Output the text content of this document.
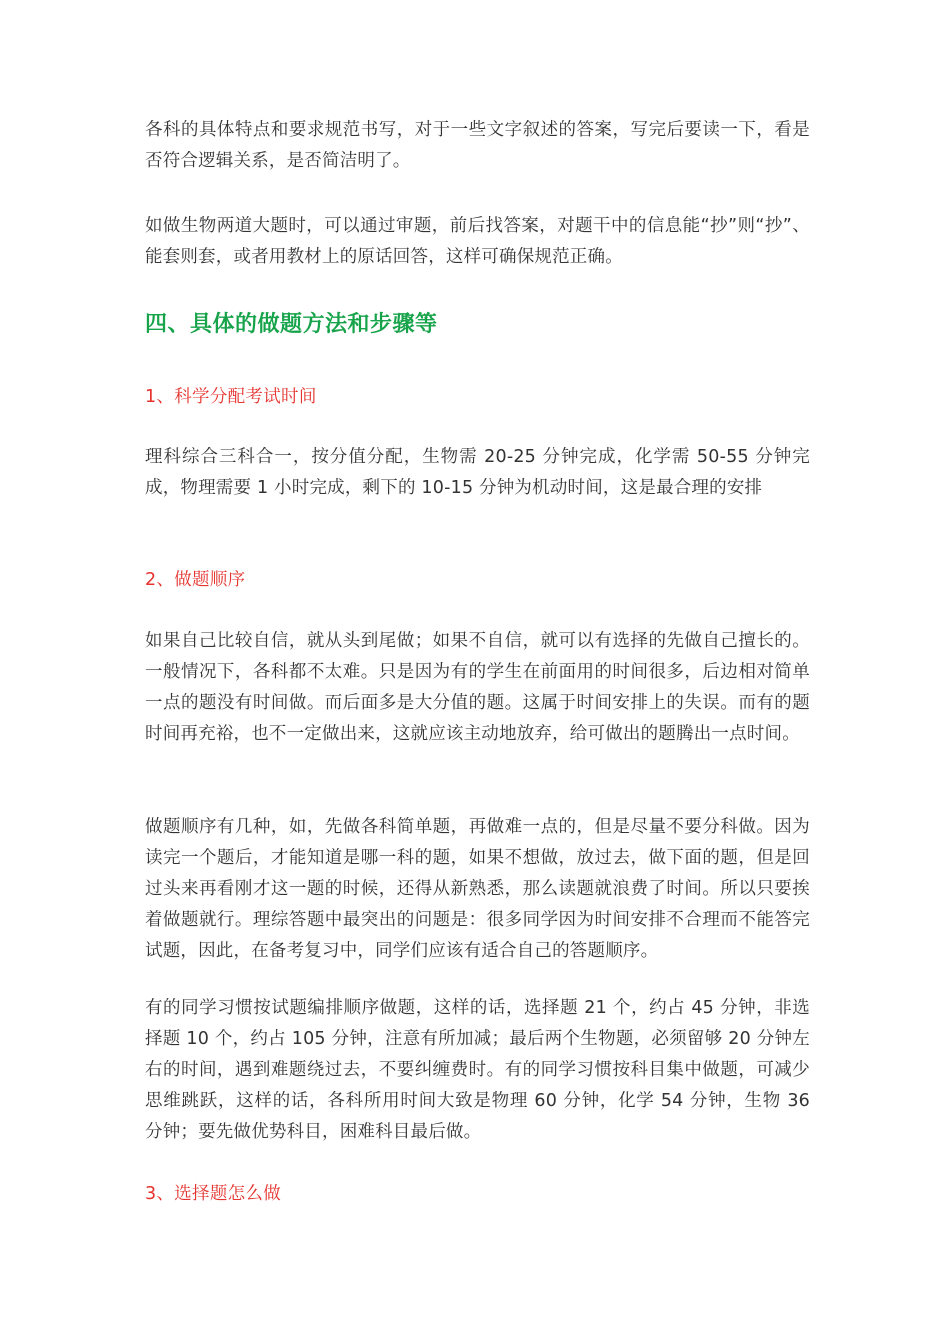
各科的具体特点和要求规范书写，对于一些文字叙述的答案，写完后要读一下，看是否符合逻辑关系，是否简洁明了。

如做生物两道大题时，可以通过审题，前后找答案，对题干中的信息能“抄”则“抄”、能套则套，或者用教材上的原话回答，这样可确保规范正确。

四、具体的做题方法和步骤等
1、科学分配考试时间

理科综合三科合一，按分值分配，生物需 20-25 分钟完成，化学需 50-55 分钟完成，物理需要 1 小时完成，剩下的 10-15 分钟为机动时间，这是最合理的安排

2、做题顺序

如果自己比较自信，就从头到尾做；如果不自信，就可以有选择的先做自己擅长的。一般情况下，各科都不太难。只是因为有的学生在前面用的时间很多，后边相对简单一点的题没有时间做。而后面多是大分值的题。这属于时间安排上的失误。而有的题时间再充裕，也不一定做出来，这就应该主动地放弃，给可做出的题腾出一点时间。

做题顺序有几种，如，先做各科简单题，再做难一点的，但是尽量不要分科做。因为读完一个题后，才能知道是哪一科的题，如果不想做，放过去，做下面的题，但是回过头来再看刚才这一题的时候，还得从新熟悉，那么读题就浪费了时间。所以只要挨着做题就行。理综答题中最突出的问题是：很多同学因为时间安排不合理而不能答完试题，因此，在备考复习中，同学们应该有适合自己的答题顺序。

有的同学习惯按试题编排顺序做题，这样的话，选择题 21 个，约占 45 分钟，非选择题 10 个，约占 105 分钟，注意有所加减；最后两个生物题，必须留够 20 分钟左右的时间，遇到难题绕过去，不要纠缠费时。有的同学习惯按科目集中做题，可减少思维跳跃，这样的话，各科所用时间大致是物理 60 分钟，化学 54 分钟，生物 36 分钟；要先做优势科目，困难科目最后做。

3、选择题怎么做
